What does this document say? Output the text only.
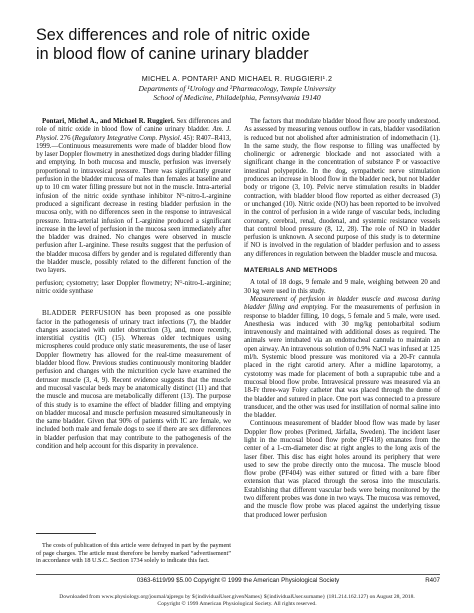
Sex differences and role of nitric oxide
in blood flow of canine urinary bladder
MICHEL A. PONTARI¹ AND MICHAEL R. RUGGIERI¹˒2
Departments of ¹Urology and ²Pharmacology, Temple University
School of Medicine, Philadelphia, Pennsylvania 19140

Pontari, Michel A., and Michael R. Ruggieri. Sex differences and role of nitric oxide in blood flow of canine urinary bladder. Am. J. Physiol. 276 (Regulatory Integrative Comp. Physiol. 45): R407–R413, 1999.—Continuous measurements were made of bladder blood flow by laser Doppler flowmetry in anesthetized dogs during bladder filling and emptying. In both mucosa and muscle, perfusion was inversely proportional to intravesical pressure. There was significantly greater perfusion in the bladder mucosa of males than females at baseline and up to 10 cm water filling pressure but not in the muscle. Intra-arterial infusion of the nitric oxide synthase inhibitor Nᴳ-nitro-L-arginine produced a significant decrease in resting bladder perfusion in the mucosa only, with no differences seen in the response to intravesical pressure. Intra-arterial infusion of L-arginine produced a significant increase in the level of perfusion in the mucosa seen immediately after the bladder was drained. No changes were observed in muscle perfusion after L-arginine. These results suggest that the perfusion of the bladder mucosa differs by gender and is regulated differently than the bladder muscle, possibly related to the different function of the two layers.

perfusion; cystometry; laser Doppler flowmetry; Nᴳ-nitro-L-arginine; nitric oxide synthase

BLADDER PERFUSION has been proposed as one possible factor in the pathogenesis of urinary tract infections (7), the bladder changes associated with outlet obstruction (3), and, more recently, interstitial cystitis (IC) (15). Whereas older techniques using microspheres could produce only static measurements, the use of laser Doppler flowmetry has allowed for the real-time measurement of bladder blood flow. Previous studies continuously monitoring bladder perfusion and changes with the micturition cycle have examined the detrusor muscle (3, 4, 9). Recent evidence suggests that the muscle and mucosal vascular beds may be anatomically distinct (11) and that the muscle and mucosa are metabolically different (13). The purpose of this study is to examine the effect of bladder filling and emptying on bladder mucosal and muscle perfusion measured simultaneously in the same bladder. Given that 90% of patients with IC are female, we included both male and female dogs to see if there are sex differences in bladder perfusion that may contribute to the pathogenesis of the condition and help account for this disparity in prevalence.

The factors that modulate bladder blood flow are poorly understood. As assessed by measuring venous outflow in cats, bladder vasodilation is reduced but not abolished after administration of indomethacin (1). In the same study, the flow response to filling was unaffected by cholinergic or adrenergic blockade and not associated with a significant change in the concentration of substance P or vasoactive intestinal polypeptide. In the dog, sympathetic nerve stimulation produces an increase in blood flow in the bladder neck, but not bladder body or trigone (3, 10). Pelvic nerve stimulation results in bladder contraction, with bladder blood flow reported as either decreased (3) or unchanged (10). Nitric oxide (NO) has been reported to be involved in the control of perfusion in a wide range of vascular beds, including coronary, cerebral, renal, duodenal, and systemic resistance vessels that control blood pressure (8, 12, 28). The role of NO in bladder perfusion is unknown. A second purpose of this study is to determine if NO is involved in the regulation of bladder perfusion and to assess any differences in regulation between the bladder muscle and mucosa.

MATERIALS AND METHODS

A total of 18 dogs, 9 female and 9 male, weighing between 20 and 30 kg were used in this study.

Measurement of perfusion in bladder muscle and mucosa during bladder filling and emptying. For the measurements of perfusion in response to bladder filling, 10 dogs, 5 female and 5 male, were used. Anesthesia was induced with 30 mg/kg pentobarbital sodium intravenously and maintained with additional doses as required. The animals were intubated via an endotracheal cannula to maintain an open airway. An intravenous solution of 0.9% NaCl was infused at 125 ml/h. Systemic blood pressure was monitored via a 20-Fr cannula placed in the right carotid artery. After a midline laparotomy, a cystotomy was made for placement of both a suprapubic tube and a mucosal blood flow probe. Intravesical pressure was measured via an 18-Fr three-way Foley catheter that was placed through the dome of the bladder and sutured in place. One port was connected to a pressure transducer, and the other was used for instillation of normal saline into the bladder.

Continuous measurement of bladder blood flow was made by laser Doppler flow probes (Perimed, Järfalla, Sweden). The incident laser light in the mucosal blood flow probe (PF418) emanates from the center of a 1-cm-diameter disc at right angles to the long axis of the laser fiber. This disc has eight holes around its periphery that were used to sew the probe directly onto the mucosa. The muscle blood flow probe (PF404) was either sutured or fitted with a bare fiber extension that was placed through the serosa into the muscularis. Establishing that different vascular beds were being monitored by the two different probes was done in two ways. The mucosa was removed, and the muscle flow probe was placed against the underlying tissue that produced lower perfusion

The costs of publication of this article were defrayed in part by the payment of page charges. The article must therefore be hereby marked “advertisement” in accordance with 18 U.S.C. Section 1734 solely to indicate this fact.

0363-6119/99 $5.00 Copyright © 1999 the American Physiological Society	R407
Downloaded from www.physiology.org/journal/ajpregu by ${individualUser.givenNames} ${individualUser.surname} (181.214.162.127) on August 28, 2018.
Copyright © 1999 American Physiological Society. All rights reserved.
